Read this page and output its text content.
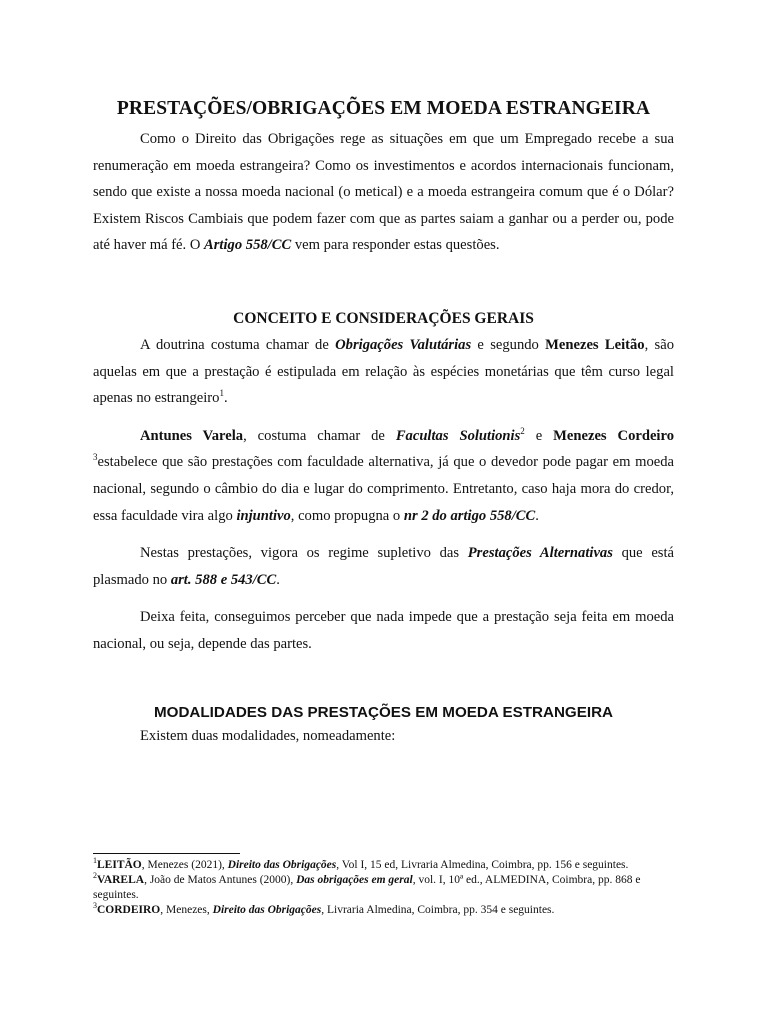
PRESTAÇÕES/OBRIGAÇÕES EM MOEDA ESTRANGEIRA

Como o Direito das Obrigações rege as situações em que um Empregado recebe a sua renumeração em moeda estrangeira? Como os investimentos e acordos internacionais funcionam, sendo que existe a nossa moeda nacional (o metical) e a moeda estrangeira comum que é o Dólar? Existem Riscos Cambiais que podem fazer com que as partes saiam a ganhar ou a perder ou, pode até haver má fé. O Artigo 558/CC vem para responder estas questões.

CONCEITO E CONSIDERAÇÕES GERAIS

A doutrina costuma chamar de Obrigações Valutárias e segundo Menezes Leitão, são aquelas em que a prestação é estipulada em relação às espécies monetárias que têm curso legal apenas no estrangeiro$^1$.

Antunes Varela, costuma chamar de Facultas Solutionis$^2$ e Menezes Cordeiro $^3$estabelece que são prestações com faculdade alternativa, já que o devedor pode pagar em moeda nacional, segundo o câmbio do dia e lugar do comprimento. Entretanto, caso haja mora do credor, essa faculdade vira algo injuntivo, como propugna o nr 2 do artigo 558/CC.

Nestas prestações, vigora os regime supletivo das Prestações Alternativas que está plasmado no art. 588 e 543/CC.

Deixa feita, conseguimos perceber que nada impede que a prestação seja feita em moeda nacional, ou seja, depende das partes.

MODALIDADES DAS PRESTAÇÕES EM MOEDA ESTRANGEIRA

Existem duas modalidades, nomeadamente:

$^1$LEITÃO, Menezes (2021), Direito das Obrigações, Vol I, 15 ed, Livraria Almedina, Coimbra, pp. 156 e seguintes.

$^2$VARELA, João de Matos Antunes (2000), Das obrigações em geral, vol. I, 10ª ed., ALMEDINA, Coimbra, pp. 868 e seguintes.

$^3$CORDEIRO, Menezes, Direito das Obrigações, Livraria Almedina, Coimbra, pp. 354 e seguintes.
